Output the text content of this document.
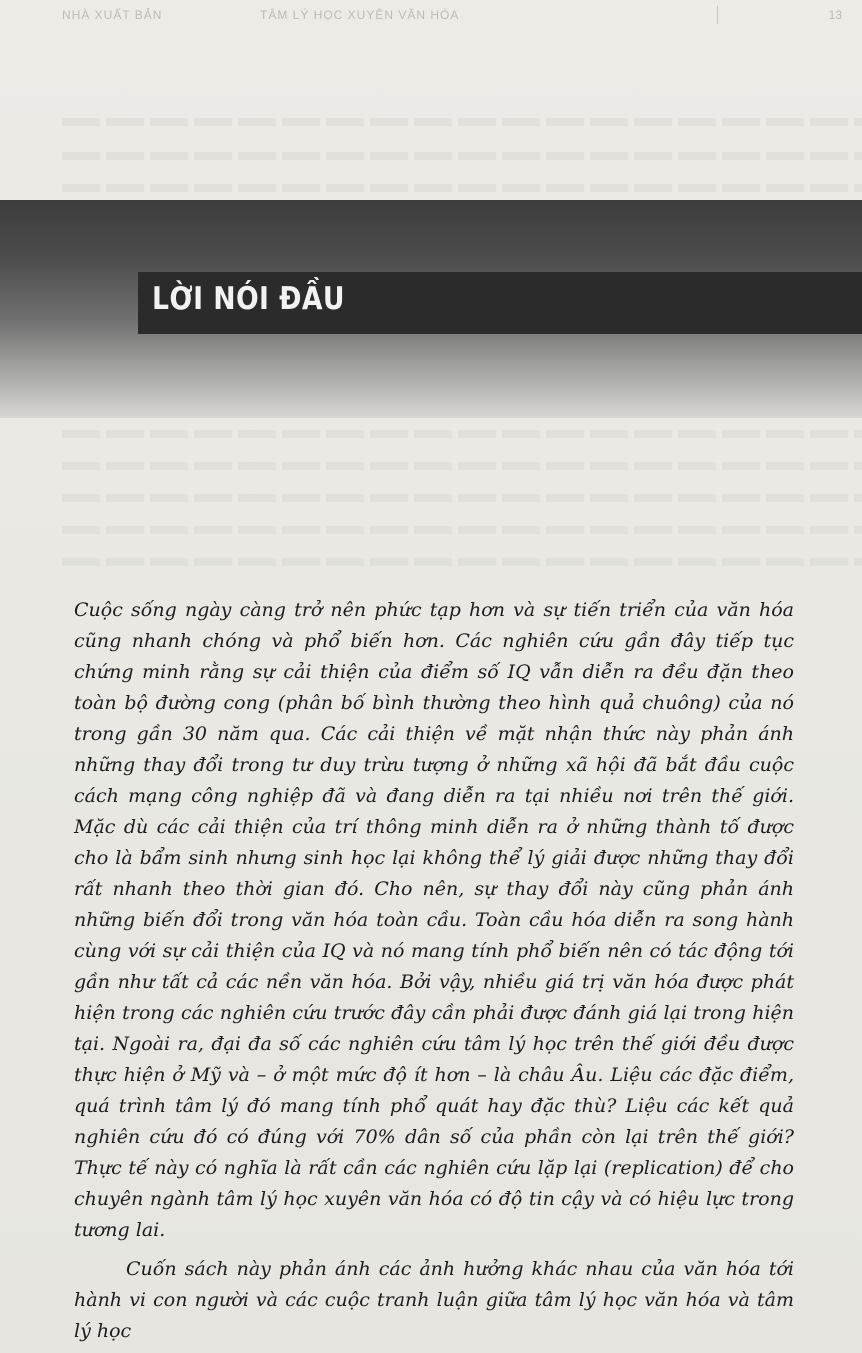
NHÀ XUẤT BẢN	TÂM LÝ HỌC XUYÊN VĂN HÓA	13
LỜI NÓI ĐẦU

Cuộc sống ngày càng trở nên phức tạp hơn và sự tiến triển của văn hóa cũng nhanh chóng và phổ biến hơn. Các nghiên cứu gần đây tiếp tục chứng minh rằng sự cải thiện của điểm số IQ vẫn diễn ra đều đặn theo toàn bộ đường cong (phân bố bình thường theo hình quả chuông) của nó trong gần 30 năm qua. Các cải thiện về mặt nhận thức này phản ánh những thay đổi trong tư duy trừu tượng ở những xã hội đã bắt đầu cuộc cách mạng công nghiệp đã và đang diễn ra tại nhiều nơi trên thế giới. Mặc dù các cải thiện của trí thông minh diễn ra ở những thành tố được cho là bẩm sinh nhưng sinh học lại không thể lý giải được những thay đổi rất nhanh theo thời gian đó. Cho nên, sự thay đổi này cũng phản ánh những biến đổi trong văn hóa toàn cầu. Toàn cầu hóa diễn ra song hành cùng với sự cải thiện của IQ và nó mang tính phổ biến nên có tác động tới gần như tất cả các nền văn hóa. Bởi vậy, nhiều giá trị văn hóa được phát hiện trong các nghiên cứu trước đây cần phải được đánh giá lại trong hiện tại. Ngoài ra, đại đa số các nghiên cứu tâm lý học trên thế giới đều được thực hiện ở Mỹ và – ở một mức độ ít hơn – là châu Âu. Liệu các đặc điểm, quá trình tâm lý đó mang tính phổ quát hay đặc thù? Liệu các kết quả nghiên cứu đó có đúng với 70% dân số của phần còn lại trên thế giới? Thực tế này có nghĩa là rất cần các nghiên cứu lặp lại (replication) để cho chuyên ngành tâm lý học xuyên văn hóa có độ tin cậy và có hiệu lực trong tương lai.

Cuốn sách này phản ánh các ảnh hưởng khác nhau của văn hóa tới hành vi con người và các cuộc tranh luận giữa tâm lý học văn hóa và tâm lý học
